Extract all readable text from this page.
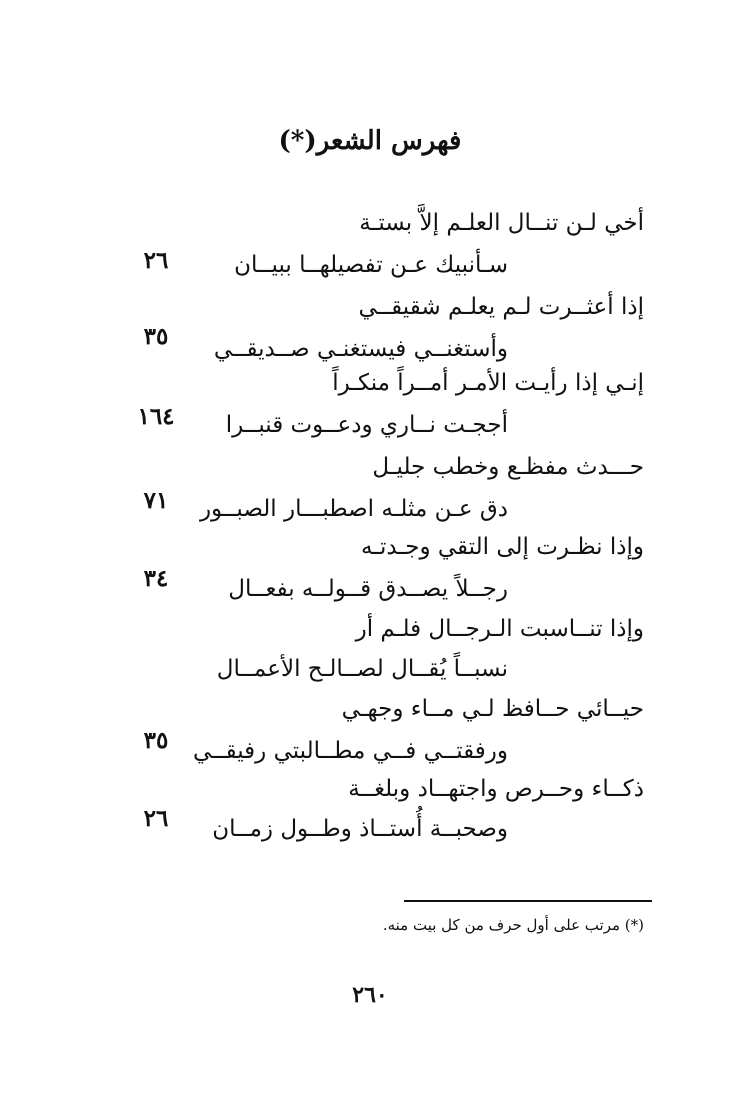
فهرس الشعر(*)
أخي لـن تنــال العلـم إلاَّ بستـة
سـأنبيك عـن تفصيلهــا ببيــان
٢٦
إذا أعثــرت لـم يعلـم شقيقــي
وأستغنــي فيستغنـي صــديقــي
٣٥
إنـي إذا رأيـت الأمـر أمــراً منكـراً
أججـت نــاري ودعــوت قنبــرا
١٦٤
حـــدث مفظـع وخطب جليـل
دق عـن مثلـه اصطبـــار الصبــور
٧١
وإذا نظـرت إلى التقي وجـدتـه
رجــلاً يصــدق قــولــه بفعــال
٣٤
وإذا تنــاسبت الـرجــال فلـم أر
نسبــاً يُقــال لصــالـح الأعمــال
حيــائي حــافظ لـي مــاء وجهـي
ورفقتــي فــي مطــالبتي رفيقــي
٣٥
ذكــاء وحــرص واجتهــاد وبلغــة
وصحبــة أُستــاذ وطــول زمــان
٢٦
(*) مرتب على أول حرف من كل بيت منه.
٢٦٠
